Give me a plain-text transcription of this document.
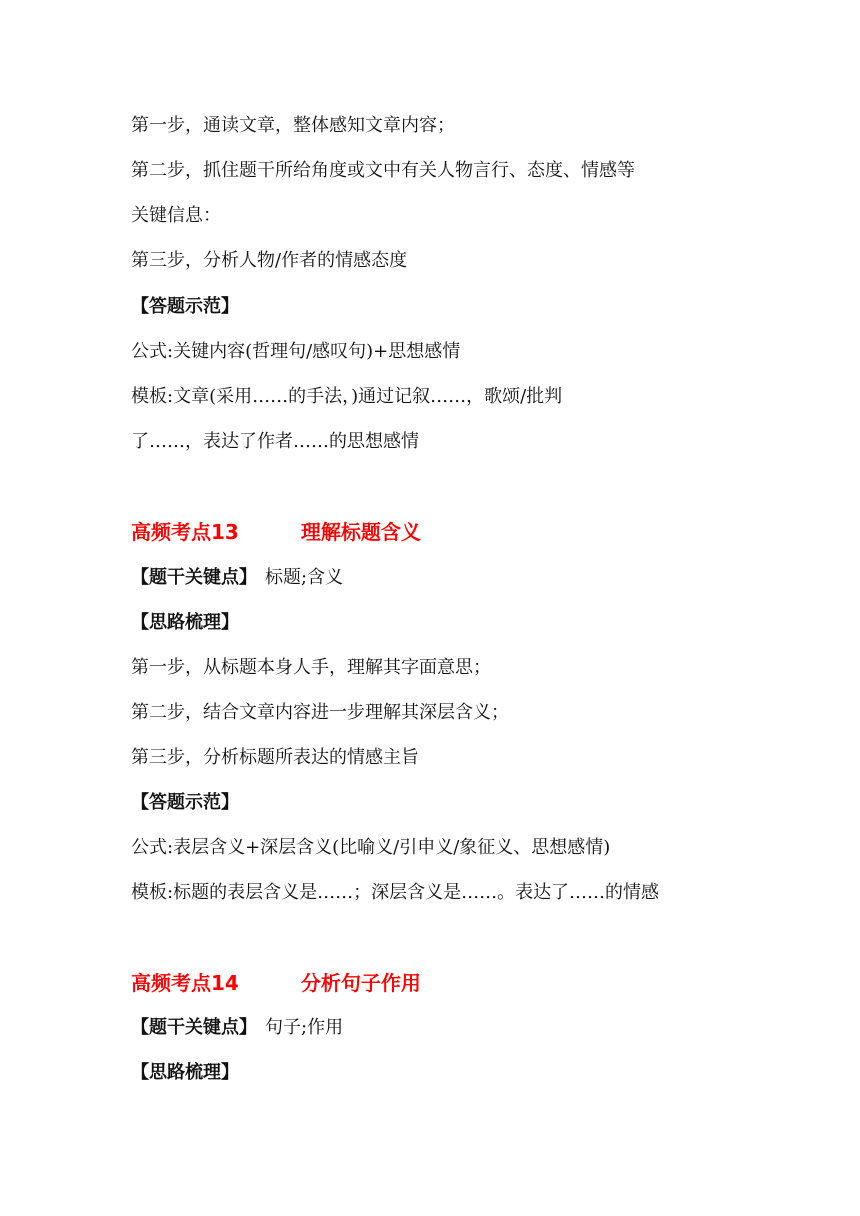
第一步，通读文章，整体感知文章内容；
第二步，抓住题干所给角度或文中有关人物言行、态度、情感等
关键信息：
第三步，分析人物/作者的情感态度
【答题示范】
公式:关键内容(哲理句/感叹句)+思想感情
模板:文章(采用……的手法，)通过记叙……，歌颂/批判
了……，表达了作者……的思想感情
高频考点13	理解标题含义
【题干关键点】 标题;含义
【思路梳理】
第一步，从标题本身人手，理解其字面意思；
第二步，结合文章内容进一步理解其深层含义；
第三步，分析标题所表达的情感主旨
【答题示范】
公式:表层含义+深层含义(比喻义/引申义/象征义、思想感情)
模板:标题的表层含义是……；深层含义是……。表达了……的情感
高频考点14	分析句子作用
【题干关键点】 句子;作用
【思路梳理】
